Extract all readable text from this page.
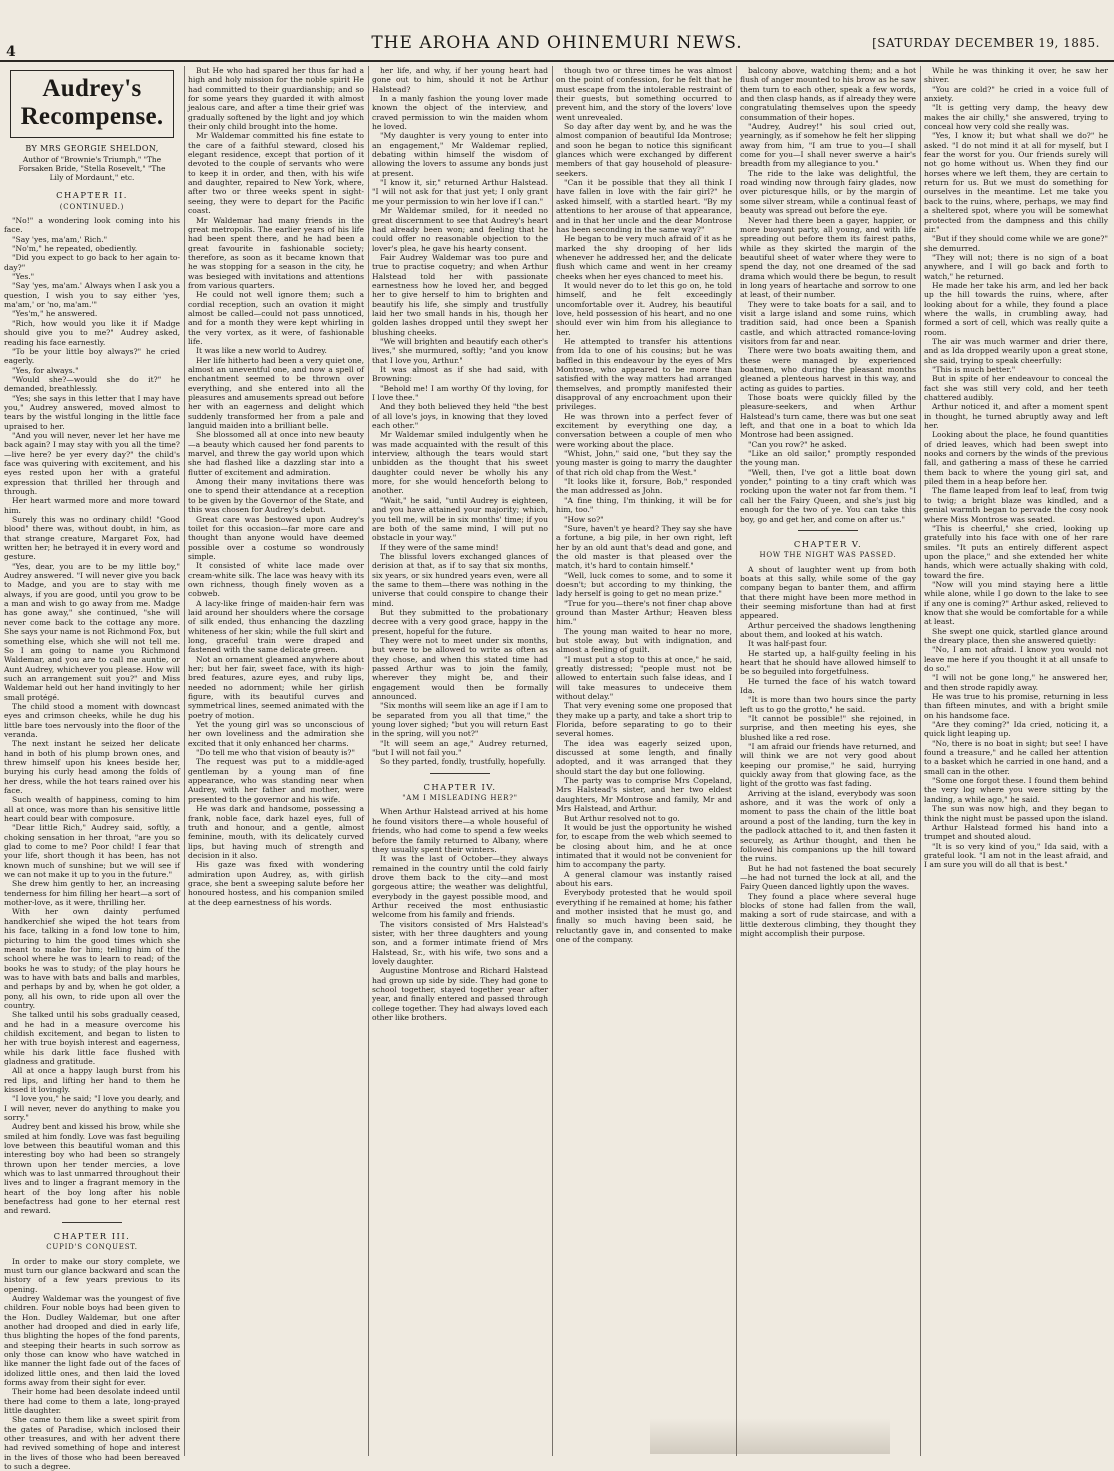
4	THE AROHA AND OHINEMURI NEWS.	[SATURDAY DECEMBER 19, 1885.
Audrey's Recompense.
BY MRS GEORGIE SHELDON,
Author of "Brownie's Triumph," "The Forsaken Bride, "Stella Rosevelt," "The Lily of Mordaunt," etc.
CHAPTER II.
(CONTINUED.)

"No!" a wondering look coming into his face.

"Say 'yes, ma'am,' Rich."

"No'm," he repeated, obediently.

"Did you expect to go back to her again to-day?"

"Yes."

"Say 'yes, ma'am.' Always when I ask you a question, I wish you to say either 'yes, ma'am,' or 'no, ma'am.'"

"Yes'm," he answered.

"Rich, how would you like it if Madge should give you to me?" Audrey asked, reading his face earnestly.

"To be your little boy always?" he cried eagerly.

"Yes, for always."

"Would she?—would she do it?" he demanded, breathlessly.

"Yes; she says in this letter that I may have you," Audrey answered, moved almost to tears by the wistful longing in the little face upraised to her.

"And you will never, never let her have me back again? I may stay with you all the time?—live here? be yer every day?" the child's face was quivering with excitement, and his eyes rested upon her with a grateful expression that thrilled her through and through.

Her heart warmed more and more toward him.

Surely this was no ordinary child! "Good blood" there was, without doubt, in him, as that strange creature, Margaret Fox, had written her; he betrayed it in every word and gesture.

"Yes, dear, you are to be my little boy," Audrey answered. "I will never give you back to Madge, and you are to stay with me always, if you are good, until you grow to be a man and wish to go away from me. Madge has gone away," she continued, "she will never come back to the cottage any more. She says your name is not Richmond Fox, but something else, which she will not tell me. So I am going to name you Richmond Waldemar, and you are to call me auntie, or Aunt Audrey, whichever you please. How will such an arrangement suit you?" and Miss Waldemar held out her hand invitingly to her small protégé.

The child stood a moment with downcast eyes and crimson cheeks, while he dug his little bare toes nervously into the floor of the veranda.

The next instant he seized her delicate hand in both of his plump brown ones, and threw himself upon his knees beside her, burying his curly head among the folds of her dress, while the hot tears rained over his face.

Such wealth of happiness, coming to him all at once, was more than his sensitive little heart could bear with composure.

"Dear little Rich," Audrey said, softly, a choking sensation in her throat, "are you so glad to come to me? Poor child! I fear that your life, short though it has been, has not known much of sunshine; but we will see if we can not make it up to you in the future."

She drew him gently to her, an increasing tenderness for him filling her heart—a sort of mother-love, as it were, thrilling her.

With her own dainty perfumed handkerchief she wiped the hot tears from his face, talking in a fond low tone to him, picturing to him the good times which she meant to make for him; telling him of the school where he was to learn to read; of the books he was to study; of the play hours he was to have with bats and balls and marbles, and perhaps by and by, when he got older, a pony, all his own, to ride upon all over the country.

She talked until his sobs gradually ceased, and he had in a measure overcome his childish excitement, and began to listen to her with true boyish interest and eagerness, while his dark little face flushed with gladness and gratitude.

All at once a happy laugh burst from his red lips, and lifting her hand to them he kissed it lovingly.

"I love you," he said; "I love you dearly, and I will never, never do anything to make you sorry."

Audrey bent and kissed his brow, while she smiled at him fondly. Love was fast beguiling love between this beautiful woman and this interesting boy who had been so strangely thrown upon her tender mercies, a love which was to last unmarred throughout their lives and to linger a fragrant memory in the heart of the boy long after his noble benefactress had gone to her eternal rest and reward.

CHAPTER III.
CUPID'S CONQUEST.

In order to make our story complete, we must turn our glance backward and scan the history of a few years previous to its opening.

Audrey Waldemar was the youngest of five children. Four noble boys had been given to the Hon. Dudley Waldemar, but one after another had drooped and died in early life, thus blighting the hopes of the fond parents, and steeping their hearts in such sorrow as only those can know who have watched in like manner the light fade out of the faces of idolized little ones, and then laid the loved forms away from their sight for ever.

Their home had been desolate indeed until there had come to them a late, long-prayed little daughter.

She came to them like a sweet spirit from the gates of Paradise, which inclosed their other treasures, and with her advent there had revived something of hope and interest in the lives of those who had been bereaved to such a degree.

But He who had spared her thus far had a high and holy mission for the noble spirit He had committed to their guardianship; and so for some years they guarded it with almost jealous care, and after a time their grief was gradually softened by the light and joy which their only child brought into the home.

Mr Waldemar committed his fine estate to the care of a faithful steward, closed his elegant residence, except that portion of it devoted to the couple of servants who were to keep it in order, and then, with his wife and daughter, repaired to New York, where, after two or three weeks spent in sight-seeing, they were to depart for the Pacific coast.

Mr Waldemar had many friends in the great metropolis. The earlier years of his life had been spent there, and he had been a great favourite in fashionable society; therefore, as soon as it became known that he was stopping for a season in the city, he was besieged with invitations and attentions from various quarters.

He could not well ignore them; such a cordial reception, such an ovation it might almost be called—could not pass unnoticed, and for a month they were kept whirling in the very vortex, as it were, of fashionable life.

It was like a new world to Audrey.

Her life hitherto had been a very quiet one, almost an uneventful one, and now a spell of enchantment seemed to be thrown over everything, and she entered into all the pleasures and amusements spread out before her with an eagerness and delight which suddenly transformed her from a pale and languid maiden into a brilliant belle.

She blossomed all at once into new beauty—a beauty which caused her fond parents to marvel, and threw the gay world upon which she had flashed like a dazzling star into a flutter of excitement and admiration.

Among their many invitations there was one to spend their attendance at a reception to be given by the Governor of the State, and this was chosen for Audrey's debut.

Great care was bestowed upon Audrey's toilet for this occasion—far more care and thought than anyone would have deemed possible over a costume so wondrously simple.

It consisted of white lace made over cream-white silk. The lace was heavy with its own richness, though finely woven as a cobweb.

A lacy-like fringe of maiden-hair fern was laid around her shoulders where the corsage of silk ended, thus enhancing the dazzling whiteness of her skin; while the full skirt and long, graceful train were draped and fastened with the same delicate green.

Not an ornament gleamed anywhere about her; but her fair, sweet face, with its high-bred features, azure eyes, and ruby lips, needed no adornment; while her girlish figure, with its beautiful curves and symmetrical lines, seemed animated with the poetry of motion.

Yet the young girl was so unconscious of her own loveliness and the admiration she excited that it only enhanced her charms.

"Do tell me who that vision of beauty is?"

The request was put to a middle-aged gentleman by a young man of fine appearance, who was standing near when Audrey, with her father and mother, were presented to the governor and his wife.

He was dark and handsome, possessing a frank, noble face, dark hazel eyes, full of truth and honour, and a gentle, almost feminine, mouth, with its delicately curved lips, but having much of strength and decision in it also.

His gaze was fixed with wondering admiration upon Audrey, as, with girlish grace, she bent a sweeping salute before her honoured hostess, and his companion smiled at the deep earnestness of his words.

her life, and why, if her young heart had gone out to him, should it not be Arthur Halstead?

In a manly fashion the young lover made known the object of the interview, and craved permission to win the maiden whom he loved.

"My daughter is very young to enter into an engagement," Mr Waldemar replied, debating within himself the wisdom of allowing the lovers to assume any bonds just at present.

"I know it, sir," returned Arthur Halstead. "I will not ask for that just yet; I only grant me your permission to win her love if I can."

Mr Waldemar smiled, for it needed no great discernment to see that Audrey's heart had already been won; and feeling that he could offer no reasonable objection to the lover's plea, he gave his hearty consent.

Fair Audrey Waldemar was too pure and true to practise coquetry; and when Arthur Halstead told her with passionate earnestness how he loved her, and begged her to give herself to him to brighten and beautify his life, she simply and trustfully laid her two small hands in his, though her golden lashes dropped until they swept her blushing cheeks.

"We will brighten and beautify each other's lives," she murmured, softly; "and you know that I love you, Arthur."

It was almost as if she had said, with Browning:

"Behold me! I am worthy Of thy loving, for I love thee."

And they both believed they held "the best of all love's joys, in knowing that they loved each other."

Mr Waldemar smiled indulgently when he was made acquainted with the result of this interview, although the tears would start unbidden as the thought that his sweet daughter could never be wholly his any more, for she would henceforth belong to another.

"Wait," he said, "until Audrey is eighteen, and you have attained your majority; which, you tell me, will be in six months' time; if you are both of the same mind, I will put no obstacle in your way."

If they were of the same mind!

The blissful lovers exchanged glances of derision at that, as if to say that six months, six years, or six hundred years even, were all the same to them—there was nothing in the universe that could conspire to change their mind.

But they submitted to the probationary decree with a very good grace, happy in the present, hopeful for the future.

They were not to meet under six months, but were to be allowed to write as often as they chose, and when this stated time had passed Arthur was to join the family, wherever they might be, and their engagement would then be formally announced.

"Six months will seem like an age if I am to be separated from you all that time," the young lover sighed; "but you will return East in the spring, will you not?"

"It will seem an age," Audrey returned, "but I will not fail you."

So they parted, fondly, trustfully, hopefully.

CHAPTER IV.
"AM I MISLEADING HER?"

When Arthur Halstead arrived at his home he found visitors there—a whole houseful of friends, who had come to spend a few weeks before the family returned to Albany, where they usually spent their winters.

It was the last of October—they always remained in the country until the cold fairly drove them back to the city—and most gorgeous attire; the weather was delightful, everybody in the gayest possible mood, and Arthur received the most enthusiastic welcome from his family and friends.

The visitors consisted of Mrs Halstead's sister, with her three daughters and young son, and a former intimate friend of Mrs Halstead, Sr., with his wife, two sons and a lovely daughter.

Augustine Montrose and Richard Halstead had grown up side by side. They had gone to school together, stayed together year after year, and finally entered and passed through college together. They had always loved each other like brothers.

though two or three times he was almost on the point of confession, for he felt that he must escape from the intolerable restraint of their guests, but something occurred to prevent him, and the story of the lovers' love went unrevealed.

So day after day went by, and he was the almost companion of beautiful Ida Montrose; and soon he began to notice this significant glances which were exchanged by different members of that gay household of pleasure-seekers.

"Can it be possible that they all think I have fallen in love with the fair girl?" he asked himself, with a startled heart. "By my attentions to her arouse of that appearance, and in that her uncle and the dear Montrose has been seconding in the same way?"

He began to be very much afraid of it as he marked the shy drooping of her lids whenever he addressed her, and the delicate flush which came and went in her creamy cheeks when her eyes chanced to meet his.

It would never do to let this go on, he told himself, and he felt exceedingly uncomfortable over it. Audrey, his beautiful love, held possession of his heart, and no one should ever win him from his allegiance to her.

He attempted to transfer his attentions from Ida to one of his cousins; but he was baffled in this endeavour by the eyes of Mrs Montrose, who appeared to be more than satisfied with the way matters had arranged themselves, and promptly manifested their disapproval of any encroachment upon their privileges.

He was thrown into a perfect fever of excitement by everything one day, a conversation between a couple of men who were working about the place.

"Whist, John," said one, "but they say the young master is going to marry the daughter of that rich old chap from the West."

"It looks like it, forsure, Bob," responded the man addressed as John.

"A fine thing, I'm thinking, it will be for him, too."

"How so?"

"Sure, haven't ye heard? They say she have a fortune, a big pile, in her own right, left her by an old aunt that's dead and gone, and the old master is that pleased over the match, it's hard to contain himself."

"Well, luck comes to some, and to some it doesn't; but according to my thinking, the lady herself is going to get no mean prize."

"True for you—there's not finer chap above ground than Master Arthur; Heaven bless him."

The young man waited to hear no more, but stole away, but with indignation, and almost a feeling of guilt.

"I must put a stop to this at once," he said, greatly distressed; "people must not be allowed to entertain such false ideas, and I will take measures to undeceive them without delay."

That very evening some one proposed that they make up a party, and take a short trip to Florida, before separating to go to their several homes.

The idea was eagerly seized upon, discussed at some length, and finally adopted, and it was arranged that they should start the day but one following.

The party was to comprise Mrs Copeland, Mrs Halstead's sister, and her two eldest daughters, Mr Montrose and family, Mr and Mrs Halstead, and Arthur.

But Arthur resolved not to go.

It would be just the opportunity he wished for, to escape from the web which seemed to be closing about him, and he at once intimated that it would not be convenient for him to accompany the party.

A general clamour was instantly raised about his ears.

Everybody protested that he would spoil everything if he remained at home; his father and mother insisted that he must go, and finally so much having been said, he reluctantly gave in, and consented to make one of the company.

balcony above, watching them; and a hot flush of anger mounted to his brow as he saw them turn to each other, speak a few words, and then clasp hands, as if already they were congratulating themselves upon the speedy consummation of their hopes.

"Audrey, Audrey!" his soul cried out, yearningly, as if somehow he felt her slipping away from him, "I am true to you—I shall come for you—I shall never swerve a hair's breadth from my allegiance to you."

The ride to the lake was delightful, the road winding now through fairy glades, now over picturesque hills, or by the margin of some silver stream, while a continual feast of beauty was spread out before the eye.

Never had there been a gayer, happier, or more buoyant party, all young, and with life spreading out before them its fairest paths, while as they skirted the margin of the beautiful sheet of water where they were to spend the day, not one dreamed of the sad drama which would there be begun, to result in long years of heartache and sorrow to one at least, of their number.

They were to take boats for a sail, and to visit a large island and some ruins, which tradition said, had once been a Spanish castle, and which attracted romance-loving visitors from far and near.

There were two boats awaiting them, and these were managed by experienced boatmen, who during the pleasant months gleaned a plenteous harvest in this way, and acting as guides to parties.

Those boats were quickly filled by the pleasure-seekers, and when Arthur Halstead's turn came, there was but one seat left, and that one in a boat to which Ida Montrose had been assigned.

"Can you row?" he asked.

"Like an old sailor," promptly responded the young man.

"Well, then, I've got a little boat down yonder," pointing to a tiny craft which was rocking upon the water not far from them. "I call her the Fairy Queen, and she's just big enough for the two of ye. You can take this boy, go and get her, and come on after us."

CHAPTER V.
HOW THE NIGHT WAS PASSED.

A shout of laughter went up from both boats at this sally, while some of the gay company began to banter them, and affirm that there might have been more method in their seeming misfortune than had at first appeared.

Arthur perceived the shadows lengthening about them, and looked at his watch.

It was half-past four.

He started up, a half-guilty feeling in his heart that he should have allowed himself to be so beguiled into forgetfulness.

He turned the face of his watch toward Ida.

"It is more than two hours since the party left us to go the grotto," he said.

"It cannot be possible!" she rejoined, in surprise, and then meeting his eyes, she blushed like a red rose.

"I am afraid our friends have returned, and will think we are not very good about keeping our promise," he said, hurrying quickly away from that glowing face, as the light of the grotto was fast fading.

Arriving at the island, everybody was soon ashore, and it was the work of only a moment to pass the chain of the little boat around a post of the landing, turn the key in the padlock attached to it, and then fasten it securely, as Arthur thought, and then he followed his companions up the hill toward the ruins.

But he had not fastened the boat securely—he had not turned the lock at all, and the Fairy Queen danced lightly upon the waves.

They found a place where several huge blocks of stone had fallen from the wall, making a sort of rude staircase, and with a little dexterous climbing, they thought they might accomplish their purpose.

While he was thinking it over, he saw her shiver.

"You are cold?" he cried in a voice full of anxiety.

"It is getting very damp, the heavy dew makes the air chilly," she answered, trying to conceal how very cold she really was.

"Yes, I know it; but what shall we do?" he asked. "I do not mind it at all for myself, but I fear the worst for you. Our friends surely will not go home without us. When they find our horses where we left them, they are certain to return for us. But we must do something for ourselves in the meantime. Let me take you back to the ruins, where, perhaps, we may find a sheltered spot, where you will be somewhat protected from the dampness and this chilly air."

"But if they should come while we are gone?" she demurred.

"They will not; there is no sign of a boat anywhere, and I will go back and forth to watch," he returned.

He made her take his arm, and led her back up the hill towards the ruins, where, after looking about for a while, they found a place where the walls, in crumbling away, had formed a sort of cell, which was really quite a room.

The air was much warmer and drier there, and as Ida dropped wearily upon a great stone, she said, trying to speak cheerfully:

"This is much better."

But in spite of her endeavour to conceal the fact she was still very cold, and her teeth chattered audibly.

Arthur noticed it, and after a moment spent in thought, he turned abruptly away and left her.

Looking about the place, he found quantities of dried leaves, which had been swept into nooks and corners by the winds of the previous fall, and gathering a mass of these he carried them back to where the young girl sat, and piled them in a heap before her.

The flame leaped from leaf to leaf, from twig to twig; a bright blaze was kindled, and a genial warmth began to pervade the cosy nook where Miss Montrose was seated.

"This is cheerful," she cried, looking up gratefully into his face with one of her rare smiles. "It puts an entirely different aspect upon the place," and she extended her white hands, which were actually shaking with cold, toward the fire.

"Now will you mind staying here a little while alone, while I go down to the lake to see if any one is coming?" Arthur asked, relieved to know that she would be comfortable for a while at least.

She swept one quick, startled glance around the dreary place, then she answered quietly:

"No, I am not afraid. I know you would not leave me here if you thought it at all unsafe to do so."

"I will not be gone long," he answered her, and then strode rapidly away.

He was true to his promise, returning in less than fifteen minutes, and with a bright smile on his handsome face.

"Are they coming?" Ida cried, noticing it, a quick light leaping up.

"No, there is no boat in sight; but see! I have found a treasure," and he called her attention to a basket which he carried in one hand, and a small can in the other.

"Some one forgot these. I found them behind the very log where you were sitting by the landing, a while ago," he said.

The sun was now high, and they began to think the night must be passed upon the island.

Arthur Halstead formed his hand into a trumpet and shouted aloud.

"It is so very kind of you," Ida said, with a grateful look. "I am not in the least afraid, and I am sure you will do all that is best."
